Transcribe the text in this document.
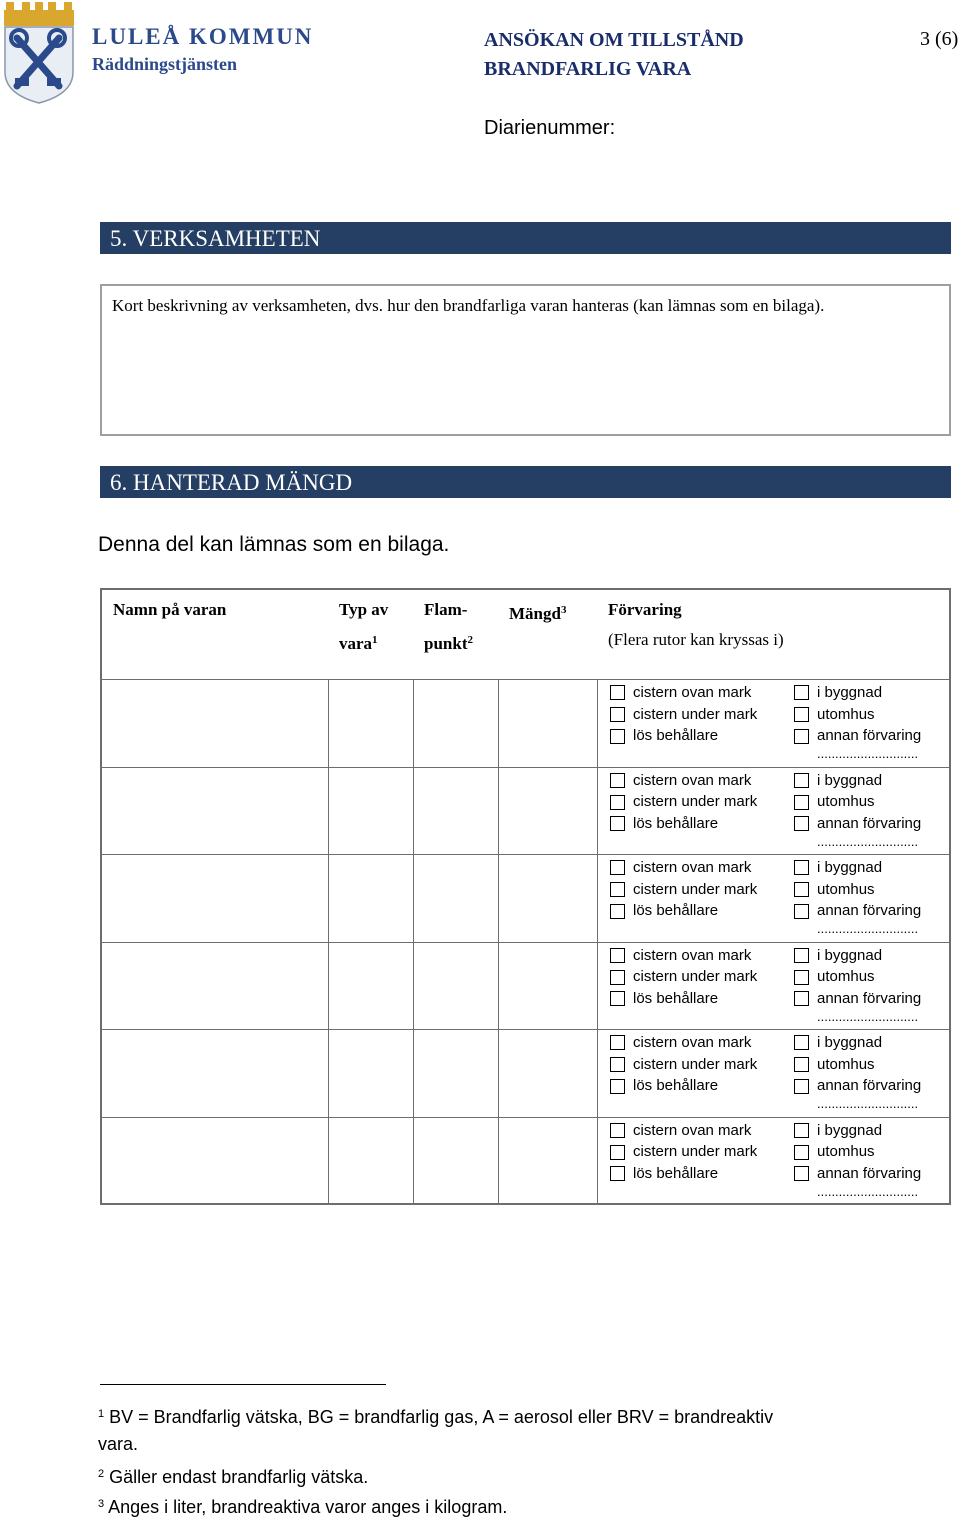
LULEÅ KOMMUN
Räddningstjänsten
ANSÖKAN OM TILLSTÅND
BRANDFARLIG VARA
3 (6)
Diarienummer:
5. VERKSAMHETEN
Kort beskrivning av verksamheten, dvs. hur den brandfarliga varan hanteras (kan lämnas som en bilaga).
6. HANTERAD MÄNGD
Denna del kan lämnas som en bilaga.
Namn på varan	Typ av
vara$^1$
Flam-
punkt$^2$
Mängd$^3$ Förvaring
(Flera rutor kan kryssas i)
cistern ovan mark
cistern under mark
lös behållare
i byggnad
utomhus
annan förvaring
............................
cistern ovan mark
cistern under mark
lös behållare
i byggnad
utomhus
annan förvaring
............................
cistern ovan mark
cistern under mark
lös behållare
i byggnad
utomhus
annan förvaring
............................
cistern ovan mark
cistern under mark
lös behållare
i byggnad
utomhus
annan förvaring
............................
cistern ovan mark
cistern under mark
lös behållare
i byggnad
utomhus
annan förvaring
............................
cistern ovan mark
cistern under mark
lös behållare
i byggnad
utomhus
annan förvaring
............................
$^1$ BV = Brandfarlig vätska, BG = brandfarlig gas, A = aerosol eller BRV = brandreaktiv
vara.
$^2$ Gäller endast brandfarlig vätska.
$^3$ Anges i liter, brandreaktiva varor anges i kilogram.
